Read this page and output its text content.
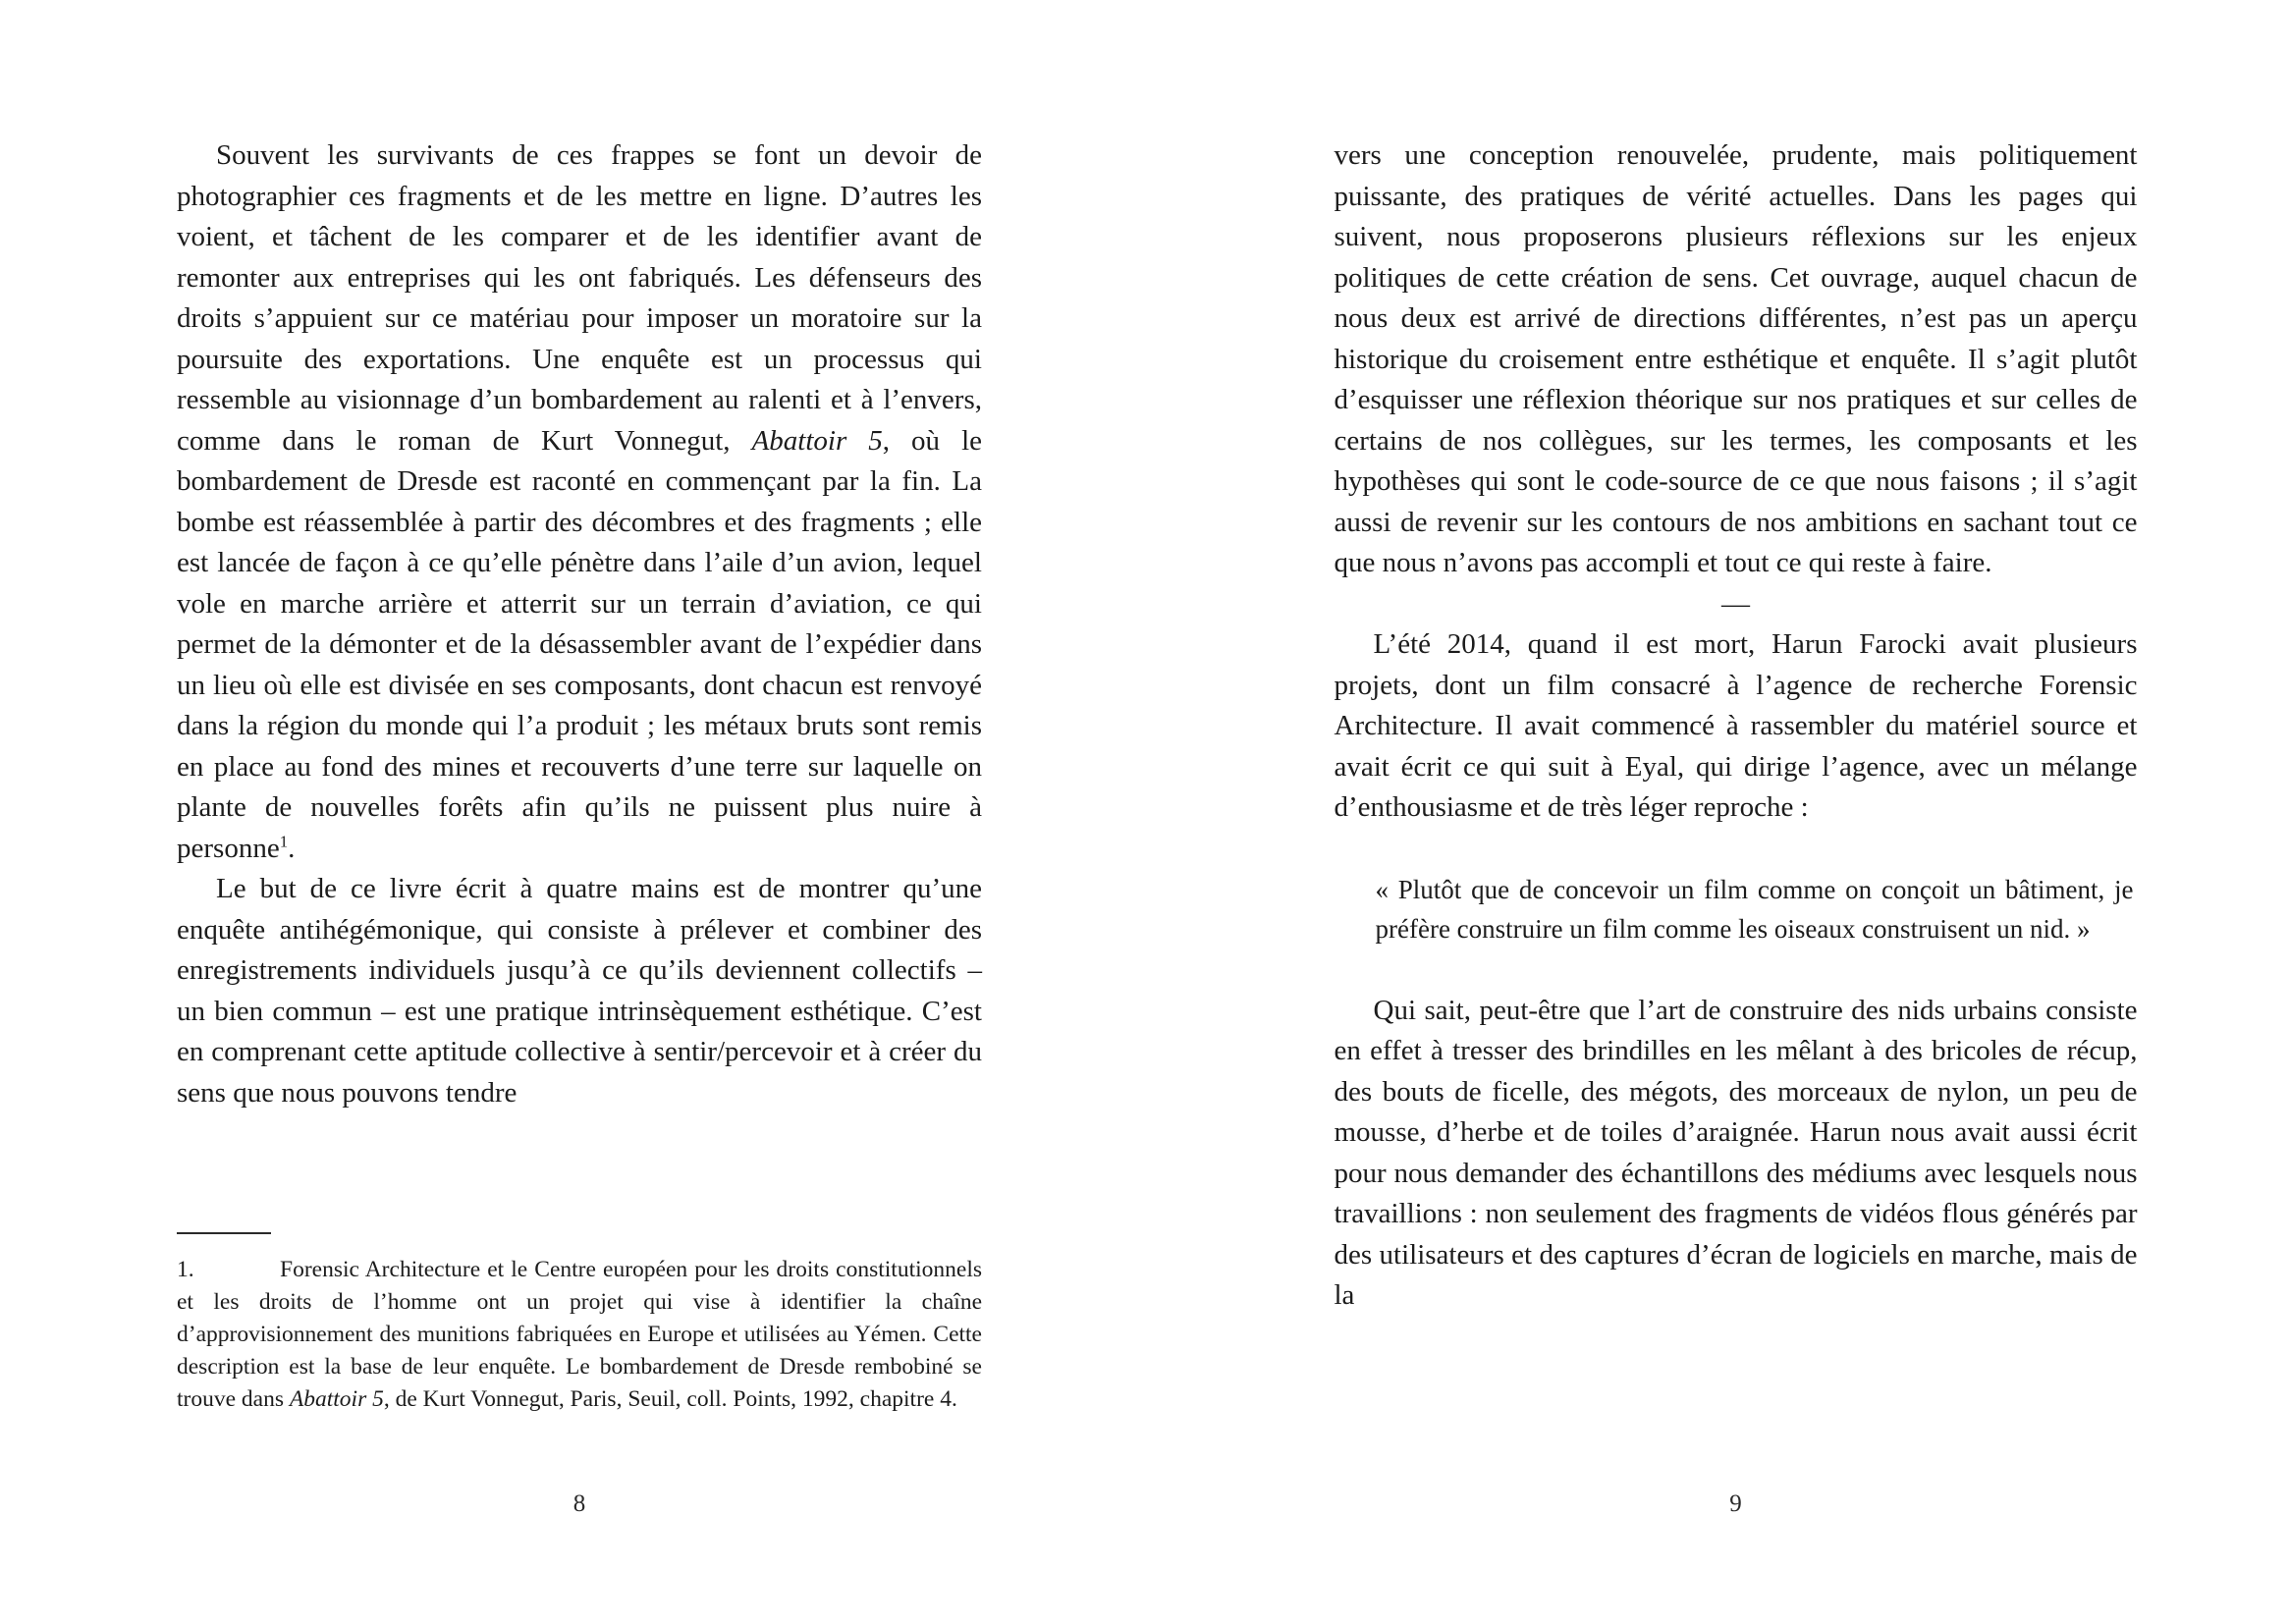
Souvent les survivants de ces frappes se font un devoir de photographier ces fragments et de les mettre en ligne. D’autres les voient, et tâchent de les comparer et de les identifier avant de remonter aux entreprises qui les ont fabriqués. Les défenseurs des droits s’appuient sur ce matériau pour imposer un moratoire sur la poursuite des exportations. Une enquête est un processus qui ressemble au visionnage d’un bombardement au ralenti et à l’envers, comme dans le roman de Kurt Vonnegut, Abattoir 5, où le bombardement de Dresde est raconté en commençant par la fin. La bombe est réassemblée à partir des décombres et des fragments ; elle est lancée de façon à ce qu’elle pénètre dans l’aile d’un avion, lequel vole en marche arrière et atterrit sur un terrain d’aviation, ce qui permet de la démonter et de la désassembler avant de l’expédier dans un lieu où elle est divisée en ses composants, dont chacun est renvoyé dans la région du monde qui l’a produit ; les métaux bruts sont remis en place au fond des mines et recouverts d’une terre sur laquelle on plante de nouvelles forêts afin qu’ils ne puissent plus nuire à personne$^1$.

Le but de ce livre écrit à quatre mains est de montrer qu’une enquête antihégémonique, qui consiste à prélever et combiner des enregistrements individuels jusqu’à ce qu’ils deviennent collectifs – un bien commun – est une pratique intrinsèquement esthétique. C’est en comprenant cette aptitude collective à sentir/percevoir et à créer du sens que nous pouvons tendre

1.	Forensic Architecture et le Centre européen pour les droits constitutionnels et les droits de l’homme ont un projet qui vise à identifier la chaîne d’approvisionnement des munitions fabriquées en Europe et utilisées au Yémen. Cette description est la base de leur enquête. Le bombardement de Dresde rembobiné se trouve dans Abattoir 5, de Kurt Vonnegut, Paris, Seuil, coll. Points, 1992, chapitre 4.

8

vers une conception renouvelée, prudente, mais politiquement puissante, des pratiques de vérité actuelles. Dans les pages qui suivent, nous proposerons plusieurs réflexions sur les enjeux politiques de cette création de sens. Cet ouvrage, auquel chacun de nous deux est arrivé de directions différentes, n’est pas un aperçu historique du croisement entre esthétique et enquête. Il s’agit plutôt d’esquisser une réflexion théorique sur nos pratiques et sur celles de certains de nos collègues, sur les termes, les composants et les hypothèses qui sont le code-source de ce que nous faisons ; il s’agit aussi de revenir sur les contours de nos ambitions en sachant tout ce que nous n’avons pas accompli et tout ce qui reste à faire.

—

L’été 2014, quand il est mort, Harun Farocki avait plusieurs projets, dont un film consacré à l’agence de recherche Forensic Architecture. Il avait commencé à rassembler du matériel source et avait écrit ce qui suit à Eyal, qui dirige l’agence, avec un mélange d’enthousiasme et de très léger reproche :

« Plutôt que de concevoir un film comme on conçoit un bâtiment, je préfère construire un film comme les oiseaux construisent un nid. »

Qui sait, peut-être que l’art de construire des nids urbains consiste en effet à tresser des brindilles en les mêlant à des bricoles de récup, des bouts de ficelle, des mégots, des morceaux de nylon, un peu de mousse, d’herbe et de toiles d’araignée. Harun nous avait aussi écrit pour nous demander des échantillons des médiums avec lesquels nous travaillions : non seulement des fragments de vidéos flous générés par des utilisateurs et des captures d’écran de logiciels en marche, mais de la

9
